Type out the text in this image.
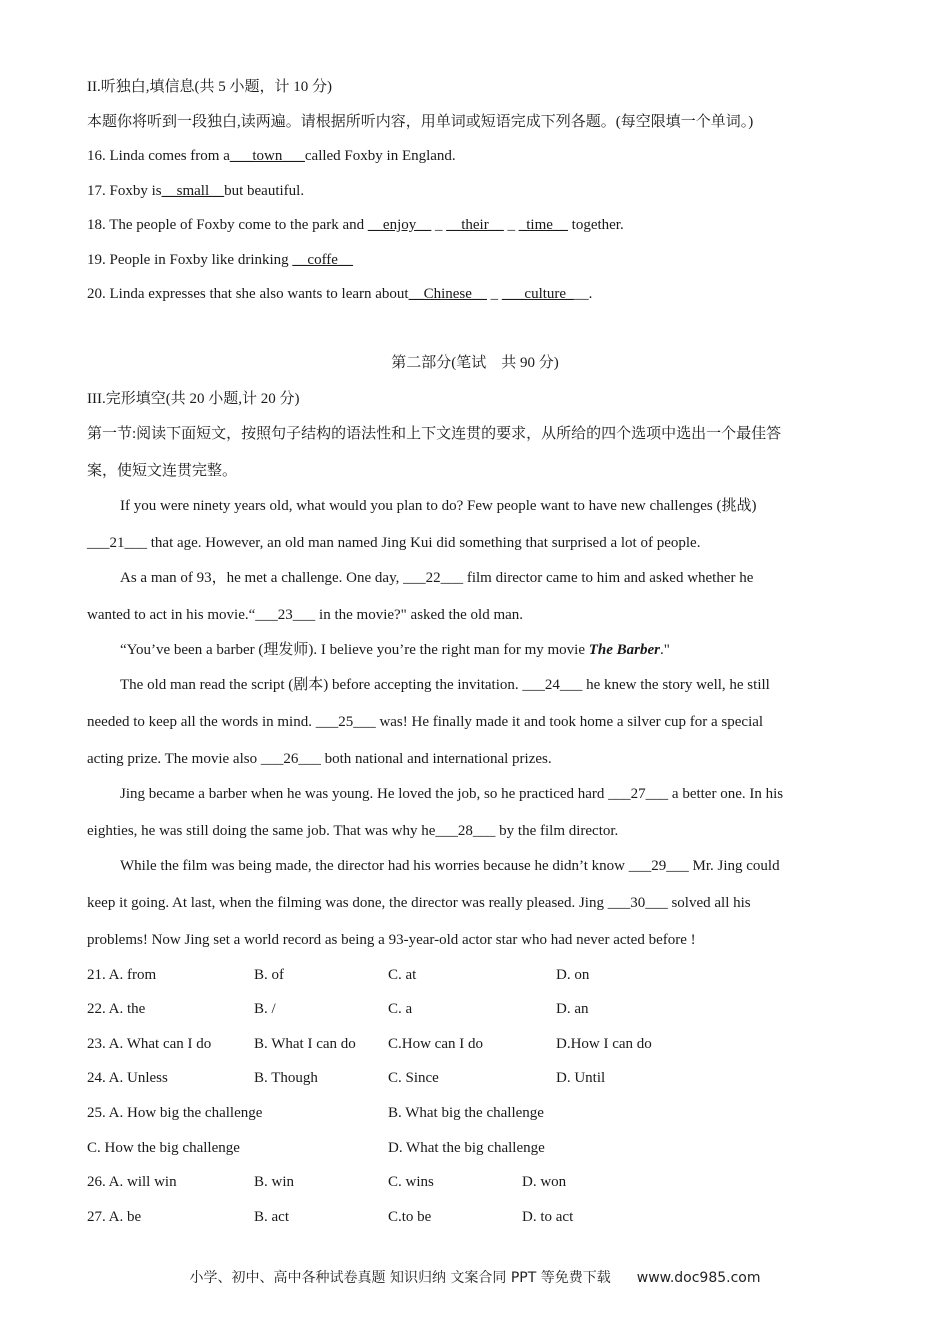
II.听独白,填信息(共 5 小题，计 10 分)
本题你将听到一段独白,读两遍。请根据所听内容，用单词或短语完成下列各题。(每空限填一个单词。)
16. Linda comes from a___town___called Foxby in England.
17. Foxby is__small__but beautiful.
18. The people of Foxby come to the park and __enjoy__ _ __their__ _ _time__ together.
19. People in Foxby like drinking __coffe__
20. Linda expresses that she also wants to learn about__Chinese__ _ ___culture___.
第二部分(笔试　共 90 分)
III.完形填空(共 20 小题,计 20 分)
第一节:阅读下面短文，按照句子结构的语法性和上下文连贯的要求，从所给的四个选项中选出一个最佳答
案，使短文连贯完整。
If you were ninety years old, what would you plan to do? Few people want to have new challenges (挑战)
___21___ that age. However, an old man named Jing Kui did something that surprised a lot of people.
As a man of 93，he met a challenge. One day, ___22___ film director came to him and asked whether he
wanted to act in his movie.“___23___ in the movie?" asked the old man.
“You’ve been a barber (理发师). I believe you’re the right man for my movie The Barber."
The old man read the script (剧本) before accepting the invitation. ___24___ he knew the story well, he still
needed to keep all the words in mind. ___25___ was! He finally made it and took home a silver cup for a special
acting prize. The movie also ___26___ both national and international prizes.
Jing became a barber when he was young. He loved the job, so he practiced hard ___27___ a better one. In his
eighties, he was still doing the same job. That was why he___28___ by the film director.
While the film was being made, the director had his worries because he didn’t know ___29___ Mr. Jing could
keep it going. At last, when the filming was done, the director was really pleased. Jing ___30___ solved all his
problems! Now Jing set a world record as being a 93-year-old actor star who had never acted before !
21. A. from	B. of	C. at	D. on
22. A. the	B. /	C. a	D. an
23. A. What can I do	B. What I can do C.How can I do	D.How I can do
24. A. Unless	B. Though	C. Since	D. Until
25. A. How big the challenge	B. What big the challenge
C. How the big challenge	D. What the big challenge
26. A. will win	B. win	C. wins	D. won
27. A. be	B. act	C.to be	D. to act
小学、初中、高中各种试卷真题 知识归纳 文案合同 PPT 等免费下载 www.doc985.com
